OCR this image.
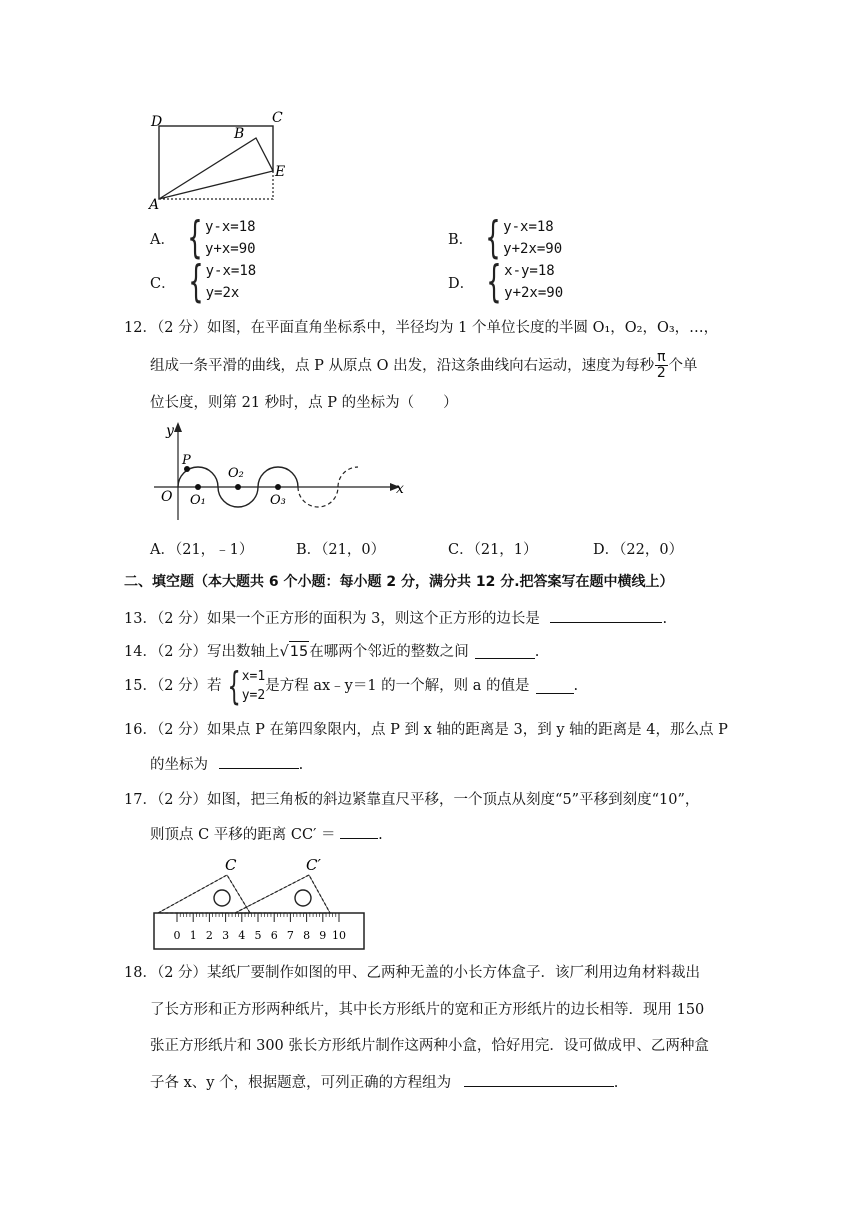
D	C
B
E
A
A． { y-x=18
y+x=90
B． { y-x=18
y+2x=90
C． { y-x=18
y=2x
D． { x-y=18
y+2x=90
12．（2 分）如图，在平面直角坐标系中，半径均为 1 个单位长度的半圆 O₁，O₂，O₃，…，
组成一条平滑的曲线，点 P 从原点 O 出发，沿这条曲线向右运动，速度为每秒 $\frac{\pi}{2}$ 个单
位长度，则第 21 秒时，点 P 的坐标为（　　）
y
x
O
P
O₁
O₂
O₃
A．（21，﹣1）	B．（21，0）	C．（21，1）	D．（22，0）
二、填空题（本大题共 6 个小题：每小题 2 分，满分共 12 分.把答案写在题中横线上）
13．（2 分）如果一个正方形的面积为 3，则这个正方形的边长是	.
14．（2 分）写出数轴上 √ 15 在哪两个邻近的整数之间	.
15．（2 分）若 { x=1
y=2
是方程 ax﹣y＝1 的一个解，则 a 的值是	.
16．（2 分）如果点 P 在第四象限内，点 P 到 x 轴的距离是 3，到 y 轴的距离是 4，那么点 P
的坐标为	.
17．（2 分）如图，把三角板的斜边紧靠直尺平移，一个顶点从刻度“5”平移到刻度“10”，
则顶点 C 平移的距离 CC′ ＝	.
0 1 2 3 4 5 6 7 8 9 10
C	C′
18．（2 分）某纸厂要制作如图的甲、乙两种无盖的小长方体盒子．该厂利用边角材料裁出
了长方形和正方形两种纸片，其中长方形纸片的宽和正方形纸片的边长相等．现用 150
张正方形纸片和 300 张长方形纸片制作这两种小盒，恰好用完．设可做成甲、乙两种盒
子各 x、y 个，根据题意，可列正确的方程组为	.
